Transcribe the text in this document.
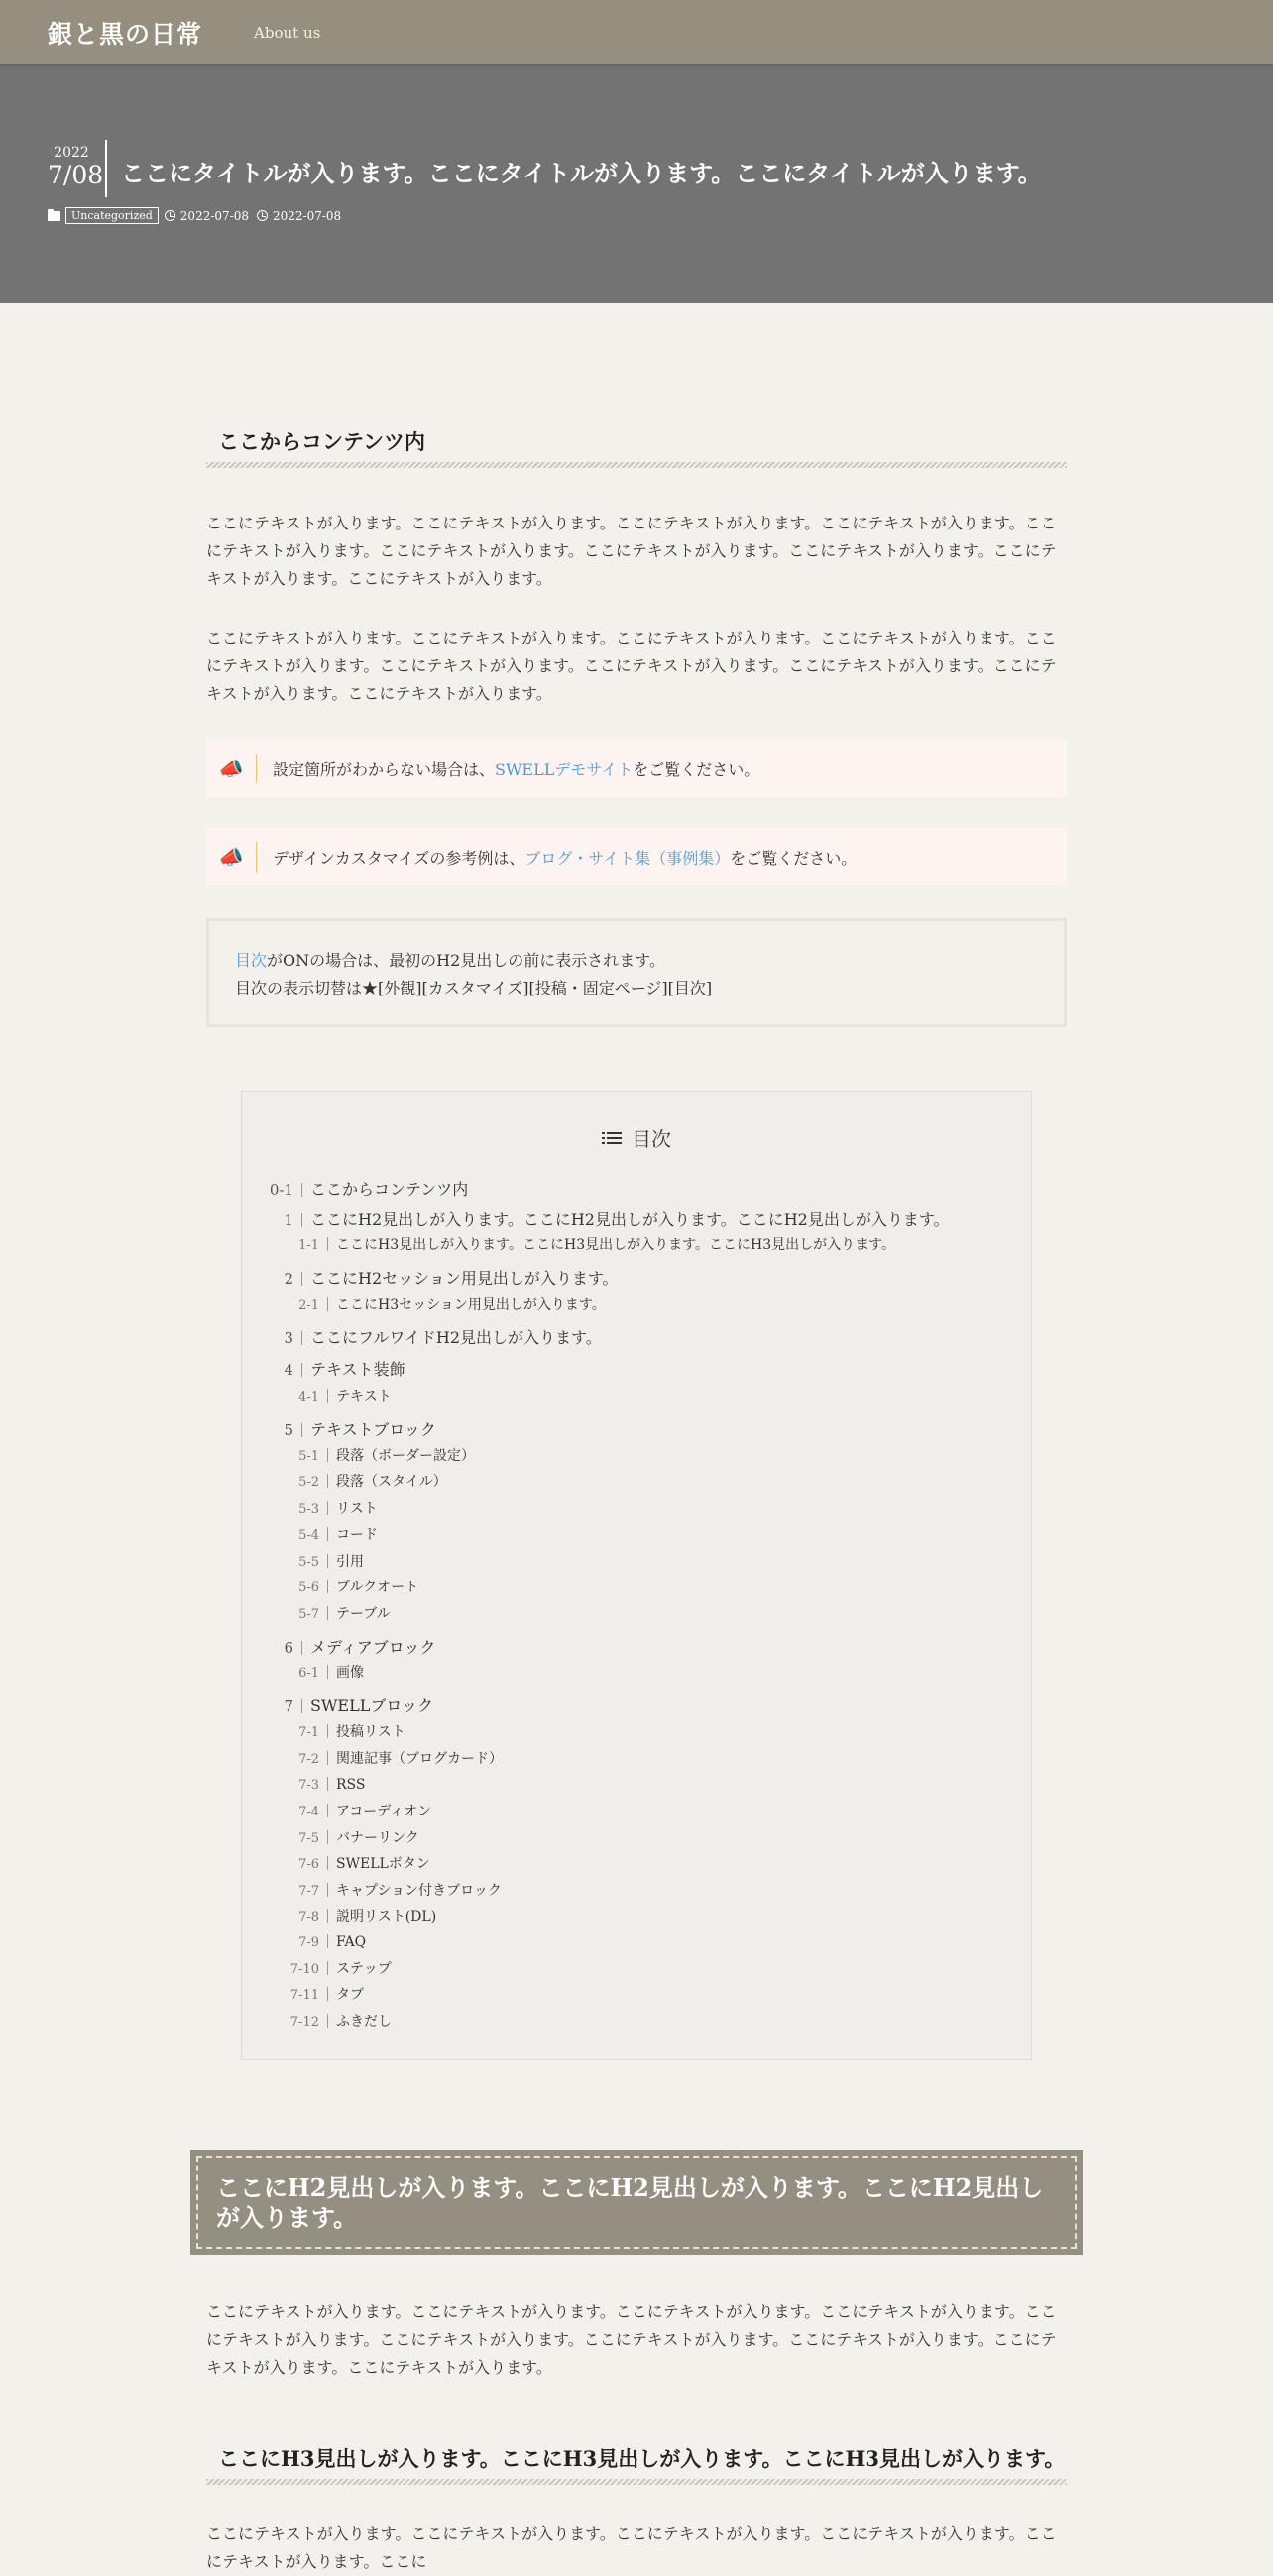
銀と黒の日常	About us
2022
7/08 ここにタイトルが入ります。ここにタイトルが入ります。ここにタイトルが入ります。
Uncategorized	2022-07-08 2022-07-08
ここからコンテンツ内

ここにテキストが入ります。ここにテキストが入ります。ここにテキストが入ります。ここにテキストが入ります。ここにテキストが入ります。ここにテキストが入ります。ここにテキストが入ります。ここにテキストが入ります。ここにテキストが入ります。ここにテキストが入ります。

ここにテキストが入ります。ここにテキストが入ります。ここにテキストが入ります。ここにテキストが入ります。ここにテキストが入ります。ここにテキストが入ります。ここにテキストが入ります。ここにテキストが入ります。ここにテキストが入ります。ここにテキストが入ります。

📣	設定箇所がわからない場合は、 SWELLデモサイト をご覧ください。
📣	デザインカスタマイズの参考例は、 ブログ・サイト集（事例集） をご覧ください。
目次がONの場合は、最初のH2見出しの前に表示されます。
目次の表示切替は★[外観][カスタマイズ][投稿・固定ページ][目次]
目次
0-1 ここからコンテンツ内
1 ここにH2見出しが入ります。ここにH2見出しが入ります。ここにH2見出しが入ります。
1-1 ここにH3見出しが入ります。ここにH3見出しが入ります。ここにH3見出しが入ります。
2 ここにH2セッション用見出しが入ります。
2-1 ここにH3セッション用見出しが入ります。
3 ここにフルワイドH2見出しが入ります。
4 テキスト装飾
4-1 テキスト
5 テキストブロック
5-1 段落（ボーダー設定）
5-2 段落（スタイル）
5-3 リスト
5-4 コード
5-5 引用
5-6 プルクオート
5-7 テーブル
6 メディアブロック
6-1 画像
7 SWELLブロック
7-1 投稿リスト
7-2 関連記事（ブログカード）
7-3 RSS
7-4 アコーディオン
7-5 バナーリンク
7-6 SWELLボタン
7-7 キャプション付きブロック
7-8 説明リスト(DL)
7-9 FAQ
7-10 ステップ
7-11 タブ
7-12 ふきだし
ここにH2見出しが入ります。ここにH2見出しが入ります。ここにH2見出しが入ります。

ここにテキストが入ります。ここにテキストが入ります。ここにテキストが入ります。ここにテキストが入ります。ここにテキストが入ります。ここにテキストが入ります。ここにテキストが入ります。ここにテキストが入ります。ここにテキストが入ります。ここにテキストが入ります。

ここにH3見出しが入ります。ここにH3見出しが入ります。ここにH3見出しが入ります。

ここにテキストが入ります。ここにテキストが入ります。ここにテキストが入ります。ここにテキストが入ります。ここにテキストが入ります。ここに
